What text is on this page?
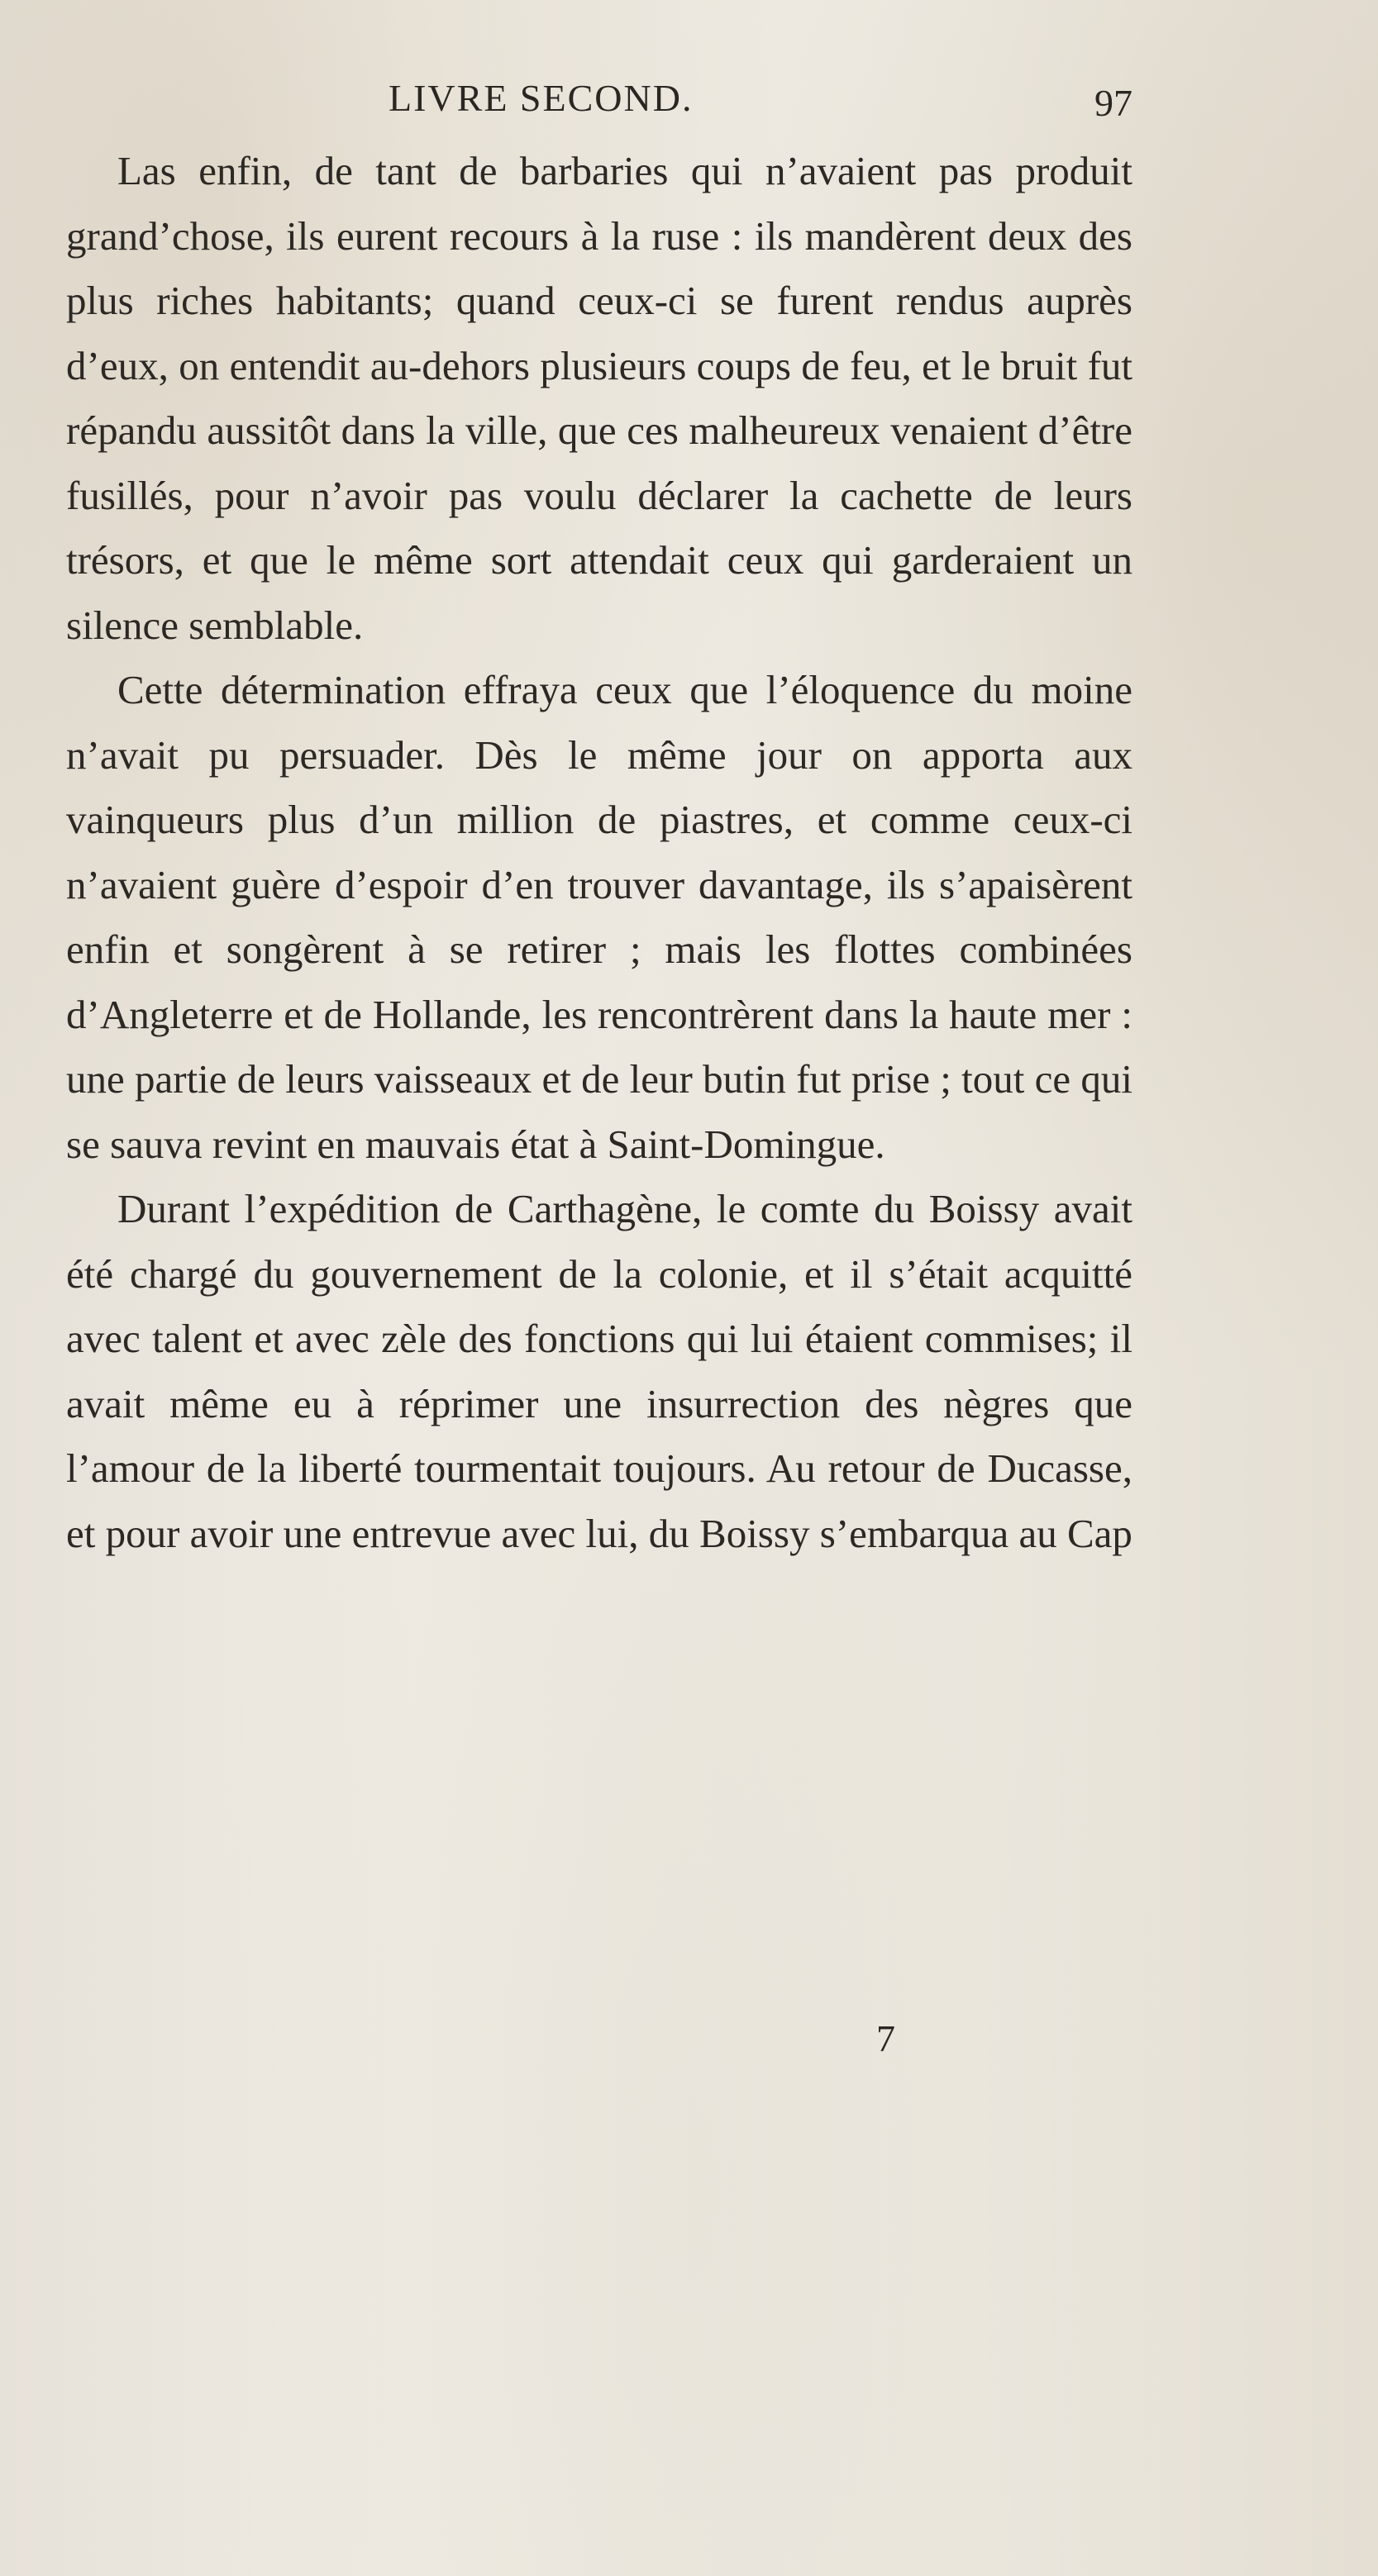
LIVRE SECOND.	97

Las enfin, de tant de barbaries qui n’avaient pas produit grand’chose, ils eurent recours à la ruse : ils mandèrent deux des plus riches habitants; quand ceux-ci se furent rendus auprès d’eux, on entendit au-dehors plusieurs coups de feu, et le bruit fut répandu aussitôt dans la ville, que ces malheureux venaient d’être fusillés, pour n’avoir pas voulu déclarer la cachette de leurs trésors, et que le même sort attendait ceux qui garderaient un silence semblable.

Cette détermination effraya ceux que l’éloquence du moine n’avait pu persuader. Dès le même jour on apporta aux vainqueurs plus d’un million de piastres, et comme ceux-ci n’avaient guère d’espoir d’en trouver davantage, ils s’apaisèrent enfin et songèrent à se retirer ; mais les flottes combinées d’Angleterre et de Hollande, les rencontrèrent dans la haute mer : une partie de leurs vaisseaux et de leur butin fut prise ; tout ce qui se sauva revint en mauvais état à Saint-Domingue.

Durant l’expédition de Carthagène, le comte du Boissy avait été chargé du gouvernement de la colonie, et il s’était acquitté avec talent et avec zèle des fonctions qui lui étaient commises; il avait même eu à réprimer une insurrection des nègres que l’amour de la liberté tourmentait toujours. Au retour de Ducasse, et pour avoir une entrevue avec lui, du Boissy s’embarqua au Cap

7
